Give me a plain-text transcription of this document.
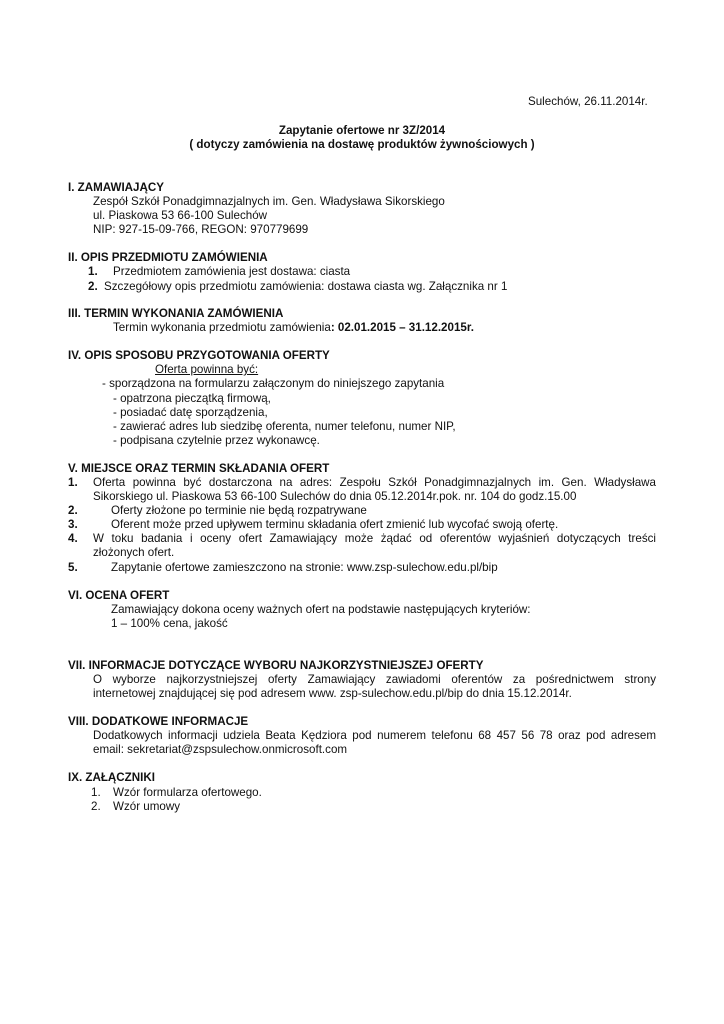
Sulechów, 26.11.2014r.
Zapytanie ofertowe nr 3Z/2014
( dotyczy zamówienia na dostawę produktów żywnościowych )
I. ZAMAWIAJĄCY
Zespół Szkół Ponadgimnazjalnych im. Gen. Władysława Sikorskiego
ul. Piaskowa 53 66-100 Sulechów
NIP: 927-15-09-766, REGON: 970779699
II. OPIS PRZEDMIOTU ZAMÓWIENIA
1. Przedmiotem zamówienia jest dostawa: ciasta
2. Szczegółowy opis przedmiotu zamówienia: dostawa ciasta wg. Załącznika nr 1
III. TERMIN WYKONANIA ZAMÓWIENIA
Termin wykonania przedmiotu zamówienia: 02.01.2015 – 31.12.2015r.
IV. OPIS SPOSOBU PRZYGOTOWANIA OFERTY
Oferta powinna być:
- sporządzona na formularzu załączonym do niniejszego zapytania
- opatrzona pieczątką firmową,
- posiadać datę sporządzenia,
- zawierać adres lub siedzibę oferenta, numer telefonu, numer NIP,
- podpisana czytelnie przez wykonawcę.
V. MIEJSCE ORAZ TERMIN SKŁADANIA OFERT
1. Oferta powinna być dostarczona na adres: Zespołu Szkół Ponadgimnazjalnych im. Gen. Władysława
Sikorskiego ul. Piaskowa 53 66-100 Sulechów do dnia 05.12.2014r.pok. nr. 104 do godz.15.00
2.	Oferty złożone po terminie nie będą rozpatrywane
3.	Oferent może przed upływem terminu składania ofert zmienić lub wycofać swoją ofertę.
4. W toku badania i oceny ofert Zamawiający może żądać od oferentów wyjaśnień dotyczących treści
złożonych ofert.
5.	Zapytanie ofertowe zamieszczono na stronie: www.zsp-sulechow.edu.pl/bip
VI. OCENA OFERT
Zamawiający dokona oceny ważnych ofert na podstawie następujących kryteriów:
1 – 100% cena, jakość
VII. INFORMACJE DOTYCZĄCE WYBORU NAJKORZYSTNIEJSZEJ OFERTY
O wyborze najkorzystniejszej oferty Zamawiający zawiadomi oferentów za pośrednictwem strony
internetowej znajdującej się pod adresem www. zsp-sulechow.edu.pl/bip do dnia 15.12.2014r.
VIII. DODATKOWE INFORMACJE
Dodatkowych informacji udziela Beata Kędziora pod numerem telefonu 68 457 56 78 oraz pod adresem
email: sekretariat@zspsulechow.onmicrosoft.com
IX. ZAŁĄCZNIKI
1. Wzór formularza ofertowego.
2. Wzór umowy
